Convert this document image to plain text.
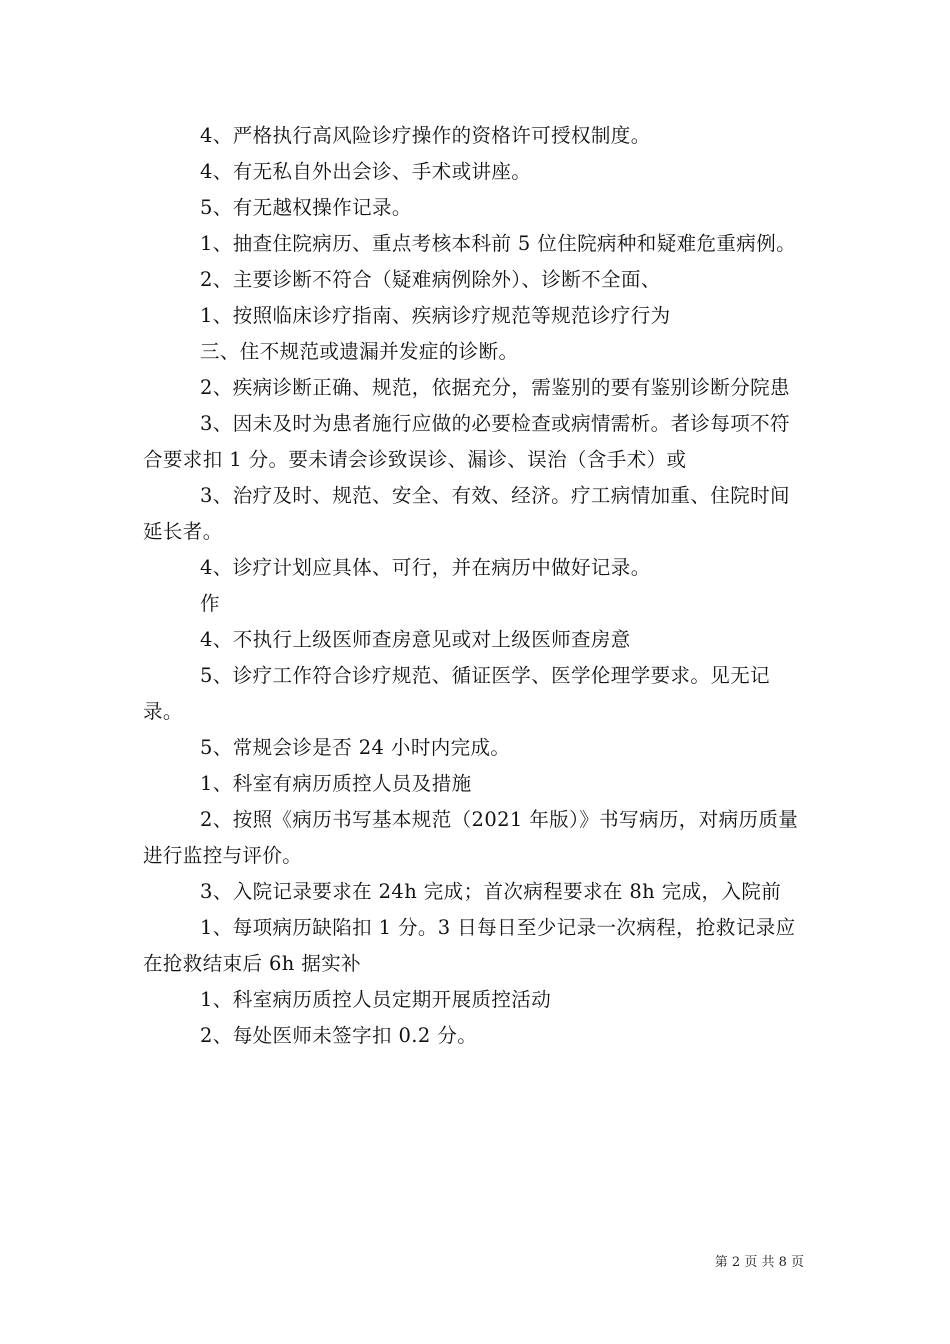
4、严格执行高风险诊疗操作的资格许可授权制度。

4、有无私自外出会诊、手术或讲座。

5、有无越权操作记录。

1、抽查住院病历、重点考核本科前 5 位住院病种和疑难危重病例。

2、主要诊断不符合（疑难病例除外）、诊断不全面、

1、按照临床诊疗指南、疾病诊疗规范等规范诊疗行为

三、住不规范或遗漏并发症的诊断。

2、疾病诊断正确、规范，依据充分，需鉴别的要有鉴别诊断分院患

3、因未及时为患者施行应做的必要检查或病情需析。者诊每项不符合要求扣 1 分。要未请会诊致误诊、漏诊、误治（含手术）或

3、治疗及时、规范、安全、有效、经济。疗工病情加重、住院时间延长者。

4、诊疗计划应具体、可行，并在病历中做好记录。

作

4、不执行上级医师查房意见或对上级医师查房意

5、诊疗工作符合诊疗规范、循证医学、医学伦理学要求。见无记录。

5、常规会诊是否 24 小时内完成。

1、科室有病历质控人员及措施

2、按照《病历书写基本规范（2021 年版）》书写病历，对病历质量进行监控与评价。

3、入院记录要求在 24h 完成；首次病程要求在 8h 完成，入院前

1、每项病历缺陷扣 1 分。3 日每日至少记录一次病程，抢救记录应在抢救结束后 6h 据实补

1、科室病历质控人员定期开展质控活动

2、每处医师未签字扣 0.2 分。

第 2 页 共 8 页
